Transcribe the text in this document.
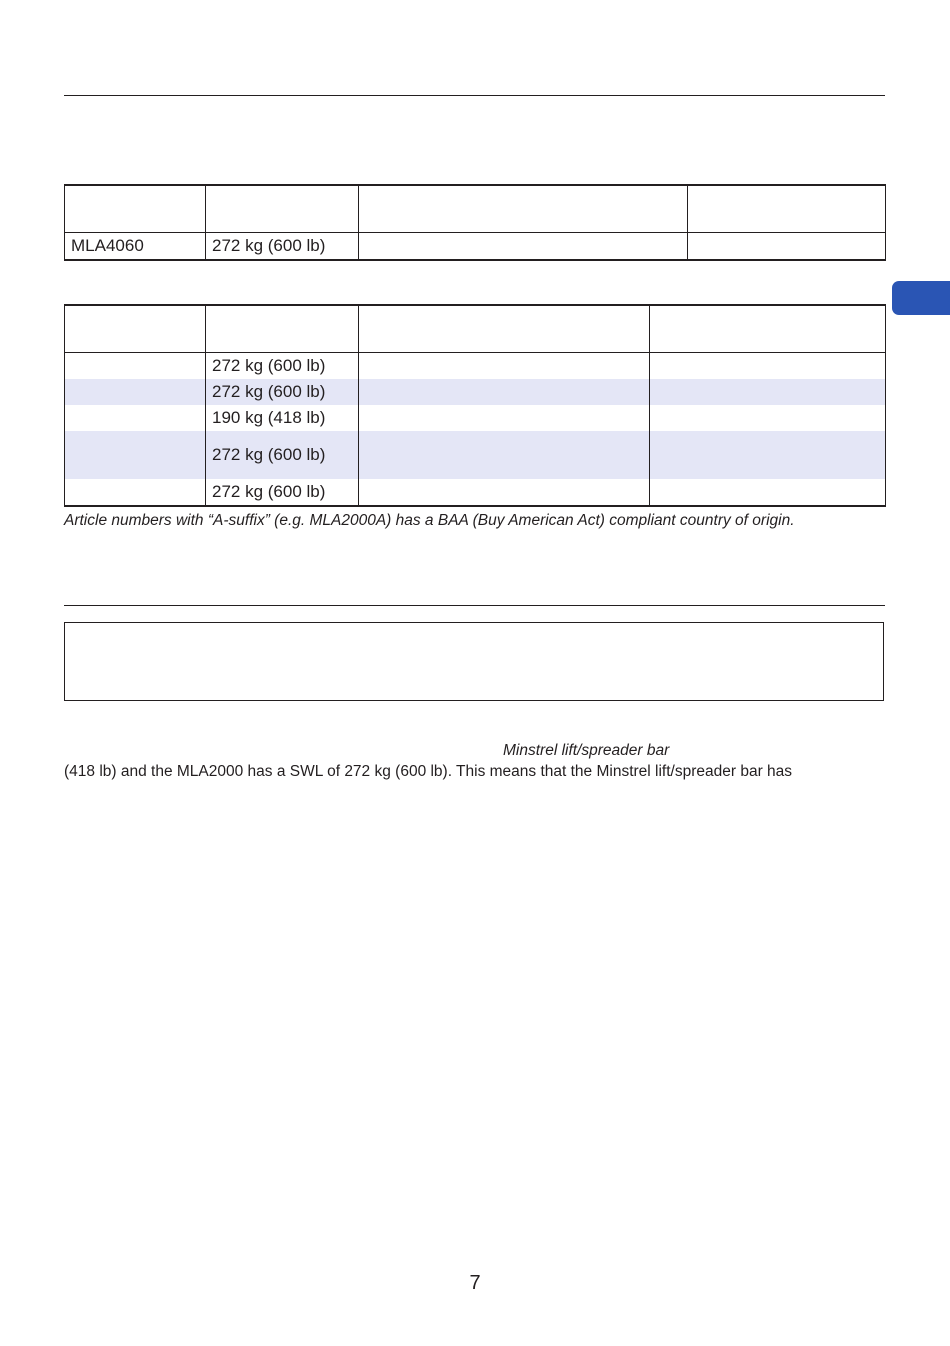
MLA4060	272 kg (600 lb)		

	272 kg (600 lb)		
	272 kg (600 lb)		
	190 kg (418 lb)		
	272 kg (600 lb)		
	272 kg (600 lb)		
Article numbers with “A-suffix” (e.g. MLA2000A) has a BAA (Buy American Act) compliant country of origin.
Minstrel lift/spreader bar
(418 lb) and the MLA2000 has a SWL of 272 kg (600 lb). This means that the Minstrel lift/spreader bar has
7
